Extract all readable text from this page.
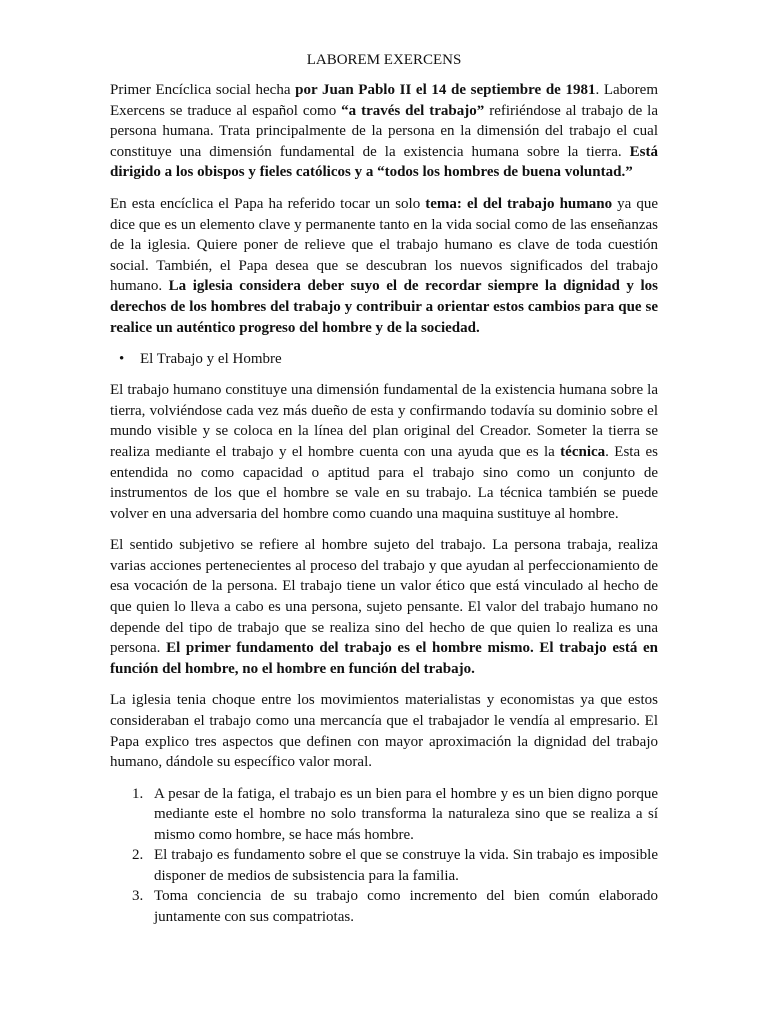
LABOREM EXERCENS

Primer Encíclica social hecha por Juan Pablo II el 14 de septiembre de 1981. Laborem Exercens se traduce al español como “a través del trabajo” refiriéndose al trabajo de la persona humana. Trata principalmente de la persona en la dimensión del trabajo el cual constituye una dimensión fundamental de la existencia humana sobre la tierra. Está dirigido a los obispos y fieles católicos y a “todos los hombres de buena voluntad.”

En esta encíclica el Papa ha referido tocar un solo tema: el del trabajo humano ya que dice que es un elemento clave y permanente tanto en la vida social como de las enseñanzas de la iglesia. Quiere poner de relieve que el trabajo humano es clave de toda cuestión social. También, el Papa desea que se descubran los nuevos significados del trabajo humano. La iglesia considera deber suyo el de recordar siempre la dignidad y los derechos de los hombres del trabajo y contribuir a orientar estos cambios para que se realice un auténtico progreso del hombre y de la sociedad.

• El Trabajo y el Hombre

El trabajo humano constituye una dimensión fundamental de la existencia humana sobre la tierra, volviéndose cada vez más dueño de esta y confirmando todavía su dominio sobre el mundo visible y se coloca en la línea del plan original del Creador. Someter la tierra se realiza mediante el trabajo y el hombre cuenta con una ayuda que es la técnica. Esta es entendida no como capacidad o aptitud para el trabajo sino como un conjunto de instrumentos de los que el hombre se vale en su trabajo. La técnica también se puede volver en una adversaria del hombre como cuando una maquina sustituye al hombre.

El sentido subjetivo se refiere al hombre sujeto del trabajo. La persona trabaja, realiza varias acciones pertenecientes al proceso del trabajo y que ayudan al perfeccionamiento de esa vocación de la persona. El trabajo tiene un valor ético que está vinculado al hecho de que quien lo lleva a cabo es una persona, sujeto pensante. El valor del trabajo humano no depende del tipo de trabajo que se realiza sino del hecho de que quien lo realiza es una persona. El primer fundamento del trabajo es el hombre mismo. El trabajo está en función del hombre, no el hombre en función del trabajo.

La iglesia tenia choque entre los movimientos materialistas y economistas ya que estos consideraban el trabajo como una mercancía que el trabajador le vendía al empresario. El Papa explico tres aspectos que definen con mayor aproximación la dignidad del trabajo humano, dándole su específico valor moral.

1. A pesar de la fatiga, el trabajo es un bien para el hombre y es un bien digno porque mediante este el hombre no solo transforma la naturaleza sino que se realiza a sí mismo como hombre, se hace más hombre.
2. El trabajo es fundamento sobre el que se construye la vida. Sin trabajo es imposible disponer de medios de subsistencia para la familia.
3. Toma conciencia de su trabajo como incremento del bien común elaborado juntamente con sus compatriotas.
